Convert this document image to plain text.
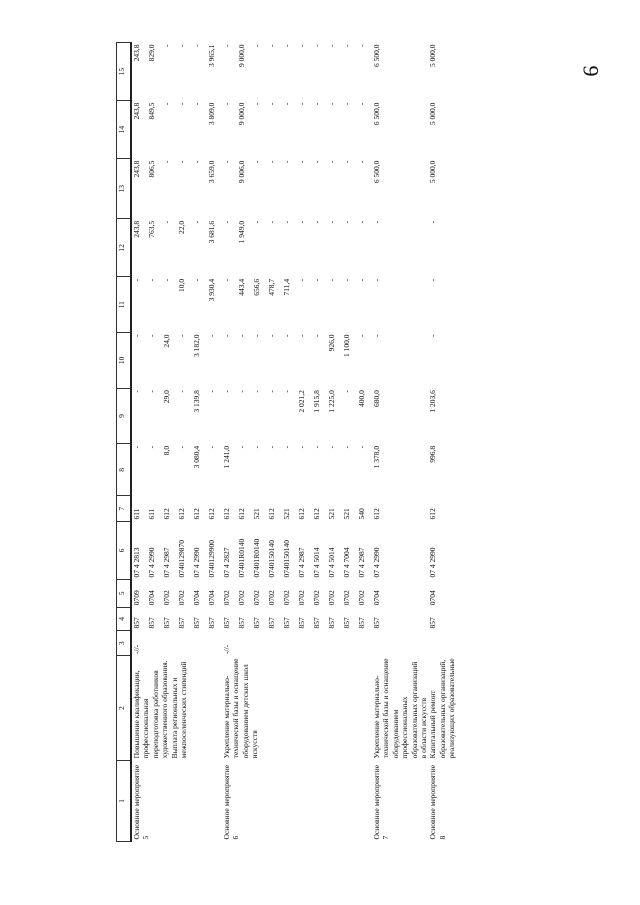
9
1	2	3	4	5	6	7	8	9	10	11	12	13	14	15
Основное мероприятие 5	Повышение квалификации, профессиональная переподготовка работников художественного образования. Выплата региональных и межпоселенческих стипендий	-//-	857	0709	07 4 2813	611	-	-	-	-	243,8	243,8	243,8	243,8
			857	0704	07 4 2990	611	-	-	-	-	763,5	806,5	849,5	829,0
			857	0702	07 4 2987	612	8,0	29,0	24,0	-	-	-	-	-
			857	0702	0740129870	612	-	-	-	10,0	22,0	-	-	-
			857	0704	07 4 2990	612	3 080,4	3 139,8	3 182,0	-	-	-	-	-
			857	0704	0740129900	612	-	-	-	3 930,4	3 681,6	3 659,0	3 809,0	3 965,1
Основное мероприятие 6	Укрепление материально-технической базы и оснащение оборудованием детских школ искусств	-//-	857	0702	07 4 2827	612	1 241,0	-	-	-	-	-	-	-
			857	0702	07401R0140	612	-	-	-	443,4	1 949,0	9 006,0	9 000,0	9 000,0
			857	0702	07401R0140	521	-	-	-	656,6	-	-	-	-
			857	0702	0740150140	612	-	-	-	478,7	-	-	-	-
			857	0702	0740150140	521	-	-	-	711,4	-	-	-	-
			857	0702	07 4 2987	612	-	2 021,2	-	-	-	-	-	-
			857	0702	07 4 5014	612	-	1 915,8	-	-	-	-	-	-
			857	0702	07 4 5014	521	-	1 225,0	926,0	-	-	-	-	-
			857	0702	07 4 7004	521	-	-	1 100,0	-	-	-	-	-
			857	0702	07 4 2987	540	-	400,0	-	-	-	-	-	-
Основное мероприятие 7	Укрепление материально-технической базы и оснащение оборудованием профессиональных образовательных организаций в области искусств		857	0704	07 4 2990	612	1 378,0	680,0	-	-	-	6 500,0	6 500,0	6 500,0
Основное мероприятие 8	Капитальный ремонт образовательных организаций, реализующих образовательные		857	0704	07 4 2990	612	996,8	1 203,6	-	-	-	5 000,0	5 000,0	5 000,0
